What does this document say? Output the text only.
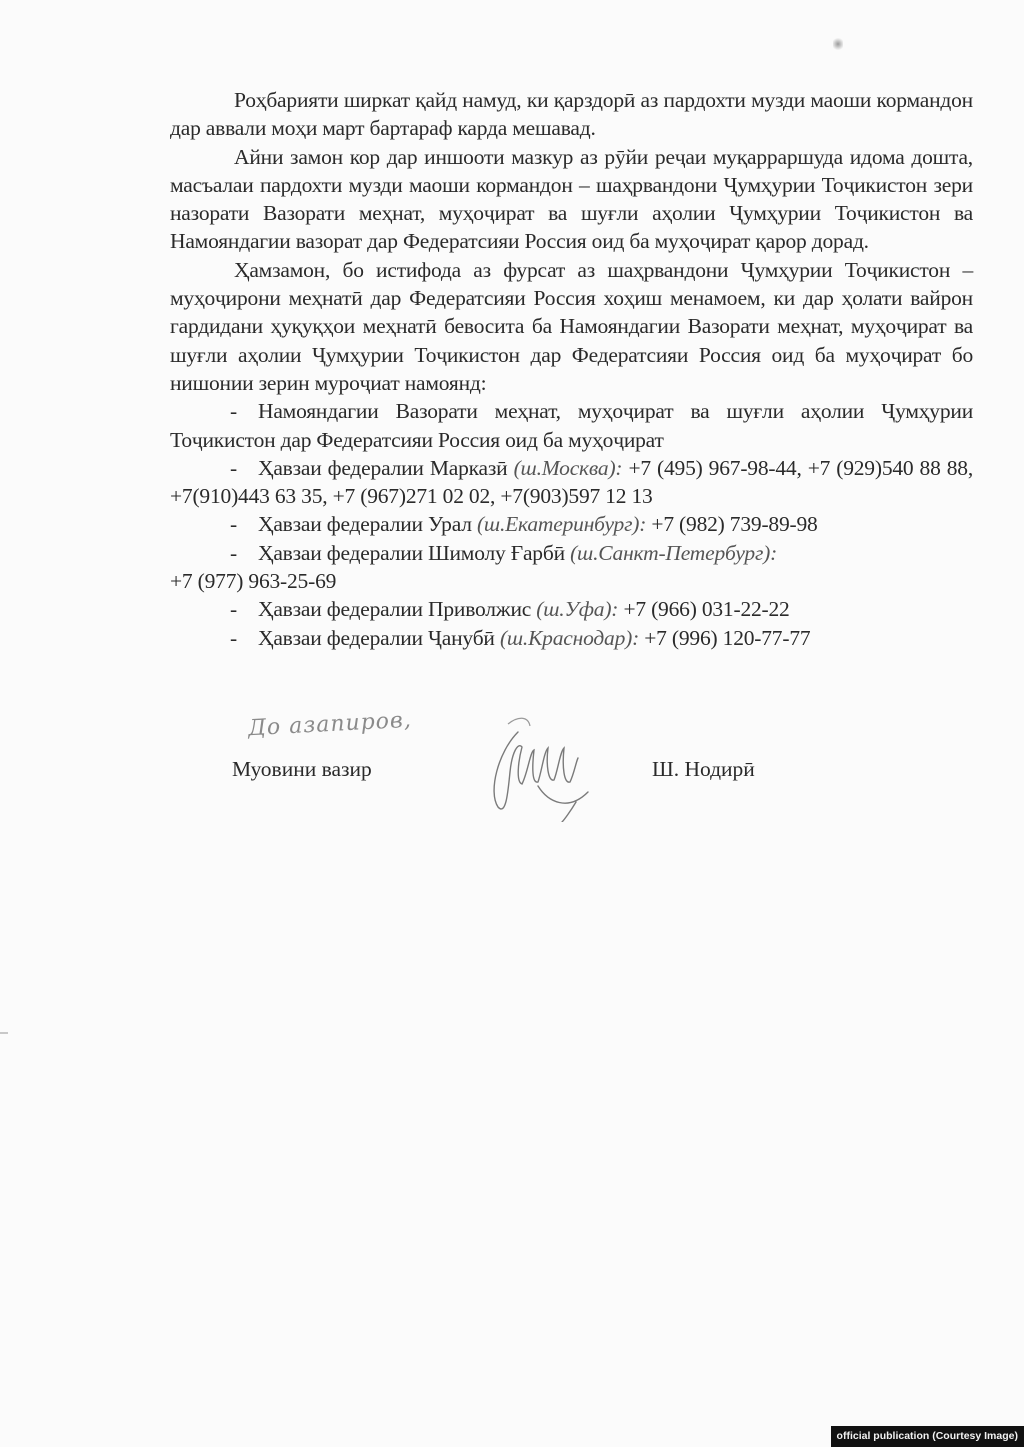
Роҳбарияти ширкат қайд намуд, ки қарздорӣ аз пардохти музди маоши кормандон дар аввали моҳи март бартараф карда мешавад.

Айни замон кор дар иншооти мазкур аз рӯйи реҷаи муқарраршуда идома дошта, масъалаи пардохти музди маоши кормандон – шаҳрвандони Ҷумҳурии Тоҷикистон зери назорати Вазорати меҳнат, муҳоҷират ва шуғли аҳолии Ҷумҳурии Тоҷикистон ва Намояндагии вазорат дар Федератсияи Россия оид ба муҳоҷират қарор дорад.

Ҳамзамон, бо истифода аз фурсат аз шаҳрвандони Ҷумҳурии Тоҷикистон – муҳоҷирони меҳнатӣ дар Федератсияи Россия хоҳиш менамоем, ки дар ҳолати вайрон гардидани ҳуқуқҳои меҳнатӣ бевосита ба Намояндагии Вазорати меҳнат, муҳоҷират ва шуғли аҳолии Ҷумҳурии Тоҷикистон дар Федератсияи Россия оид ба муҳоҷират бо нишонии зерин муроҷиат намоянд:

- Намояндагии Вазорати меҳнат, муҳоҷират ва шуғли аҳолии Ҷумҳурии Тоҷикистон дар Федератсияи Россия оид ба муҳоҷират

- Ҳавзаи федералии Марказӣ (ш.Москва): +7 (495) 967-98-44, +7 (929)540 88 88, +7(910)443 63 35, +7 (967)271 02 02, +7(903)597 12 13

- Ҳавзаи федералии Урал (ш.Екатеринбург): +7 (982) 739-89-98

- Ҳавзаи федералии Шимолу Ғарбӣ (ш.Санкт-Петербург):

+7 (977) 963-25-69

- Ҳавзаи федералии Приволжис (ш.Уфа): +7 (966) 031-22-22

- Ҳавзаи федералии Ҷанубӣ (ш.Краснодар): +7 (996) 120-77-77

До азапиров,
Муовини вазир	Ш. Нодирӣ
official publication (Courtesy Image)
